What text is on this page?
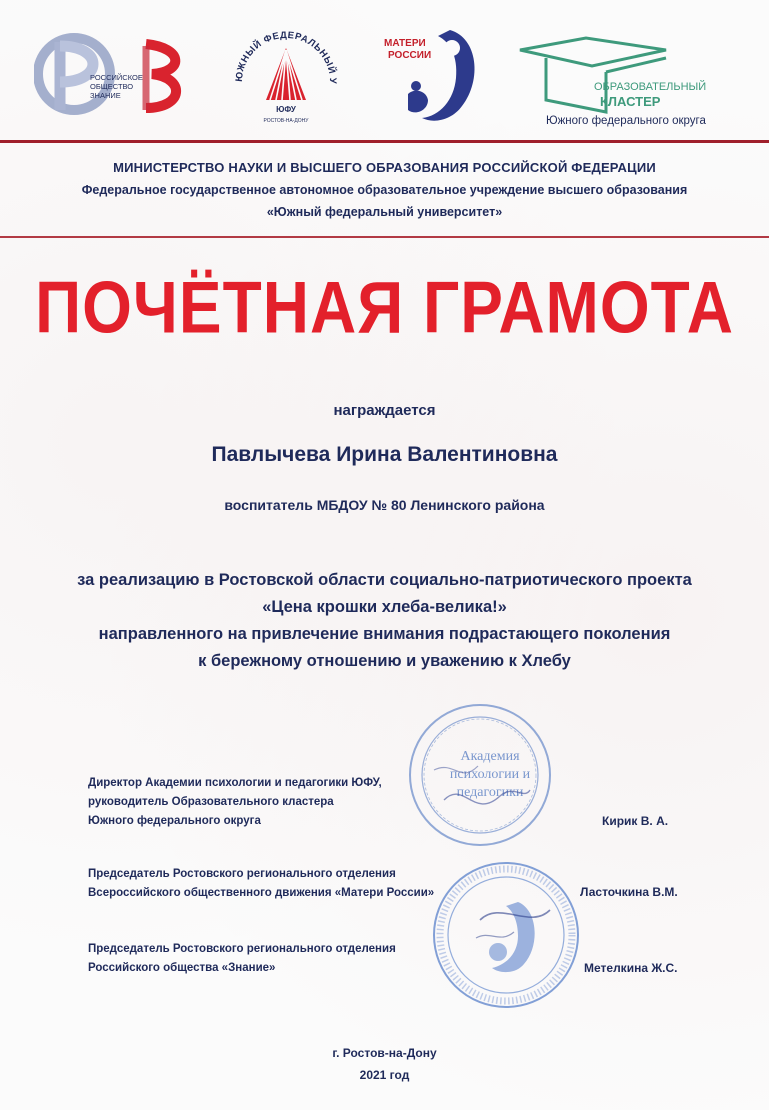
РОССИЙСКОЕ
ОБЩЕСТВО
ЗНАНИЕ
ЮЖНЫЙ ФЕДЕРАЛЬНЫЙ У
ЮФУ
РОСТОВ-НА-ДОНУ
МАТЕРИ
РОССИИ
ОБРАЗОВАТЕЛЬНЫЙ
КЛАСТЕР
Южного федерального округа
МИНИСТЕРСТВО НАУКИ И ВЫСШЕГО ОБРАЗОВАНИЯ РОССИЙСКОЙ ФЕДЕРАЦИИ
Федеральное государственное автономное образовательное учреждение высшего образования
«Южный федеральный университет»
ПОЧЁТНАЯ ГРАМОТА
награждается
Павлычева Ирина Валентиновна
воспитатель МБДОУ № 80 Ленинского района
за реализацию в Ростовской области социально-патриотического проекта
«Цена крошки хлеба-велика!»
направленного на привлечение внимания подрастающего поколения
к бережному отношению и уважению к Хлебу
Академия
психологии и
педагогики
Директор Академии психологии и педагогики ЮФУ,
руководитель Образовательного кластера
Южного федерального округа	Кирик В. А.
Председатель Ростовского регионального отделения
Всероссийского общественного движения «Матери России»	Ласточкина В.М.
Председатель Ростовского регионального отделения
Российского общества «Знание»	Метелкина Ж.С.
г. Ростов-на-Дону
2021 год
